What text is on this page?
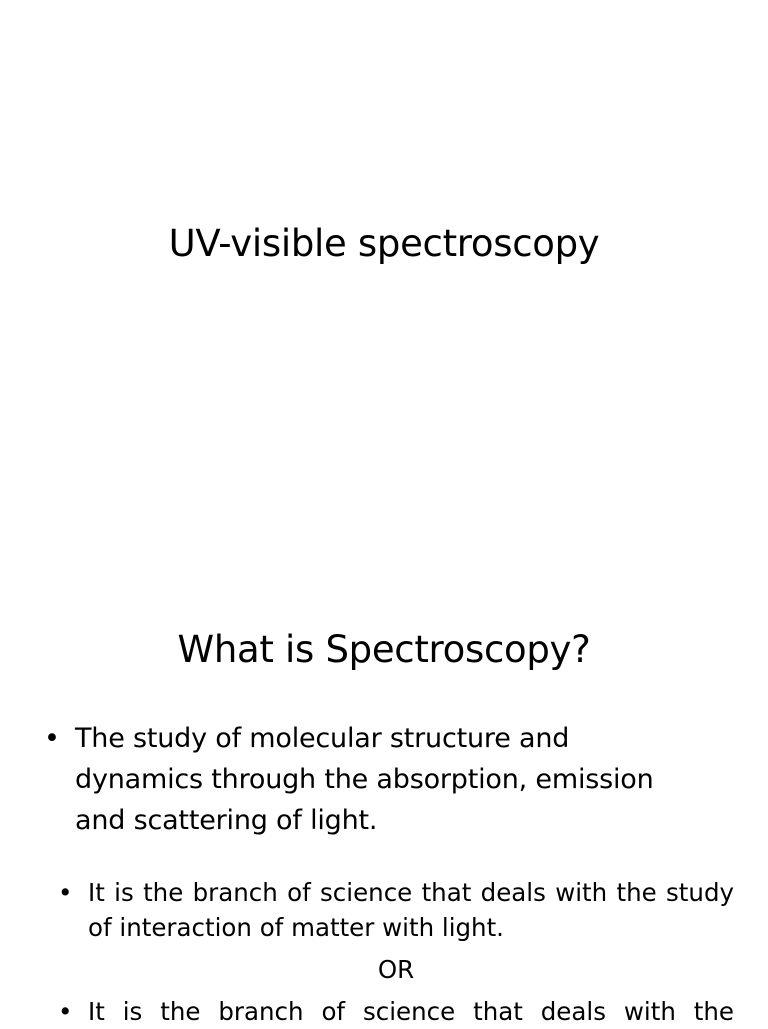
UV-visible spectroscopy
What is Spectroscopy?
• The study of molecular structure and dynamics through the absorption, emission and scattering of light.
• It is the branch of science that deals with the study of interaction of matter with light.
OR
• It is the branch of science that deals with the
